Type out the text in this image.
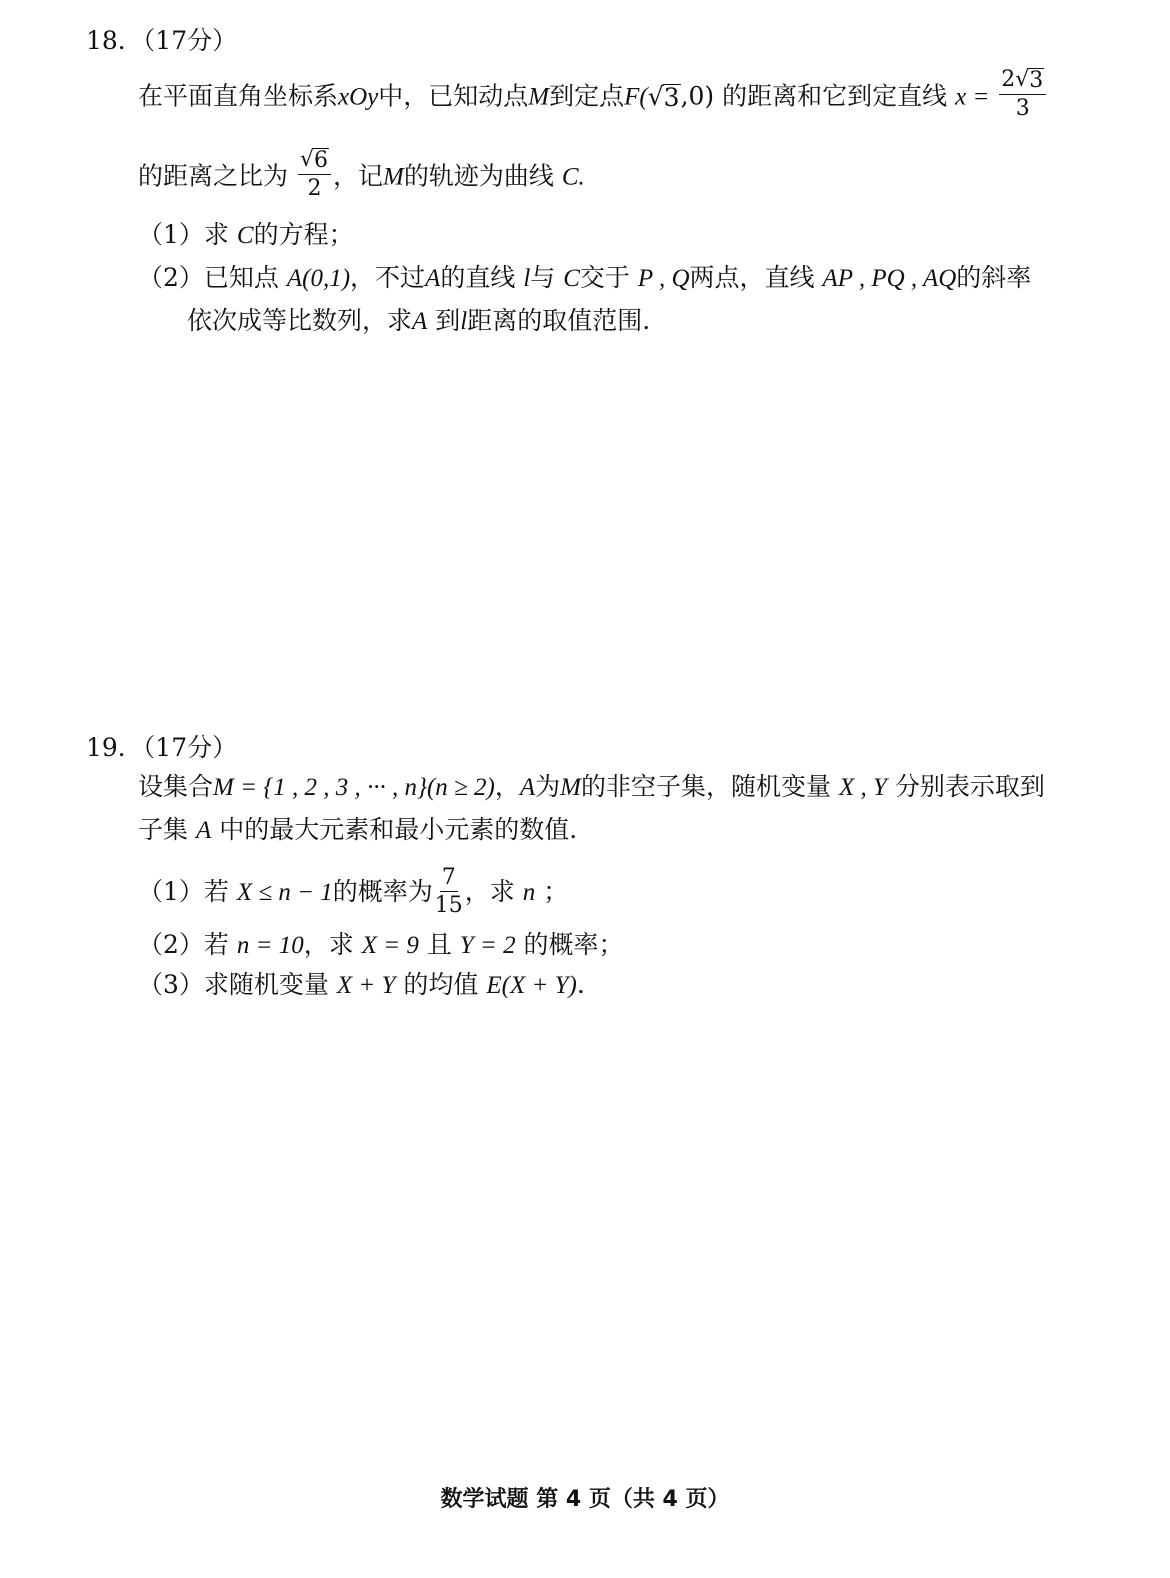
18．（17分）
在平面直角坐标系xOy中，已知动点M到定点F( √ 3 ,0) 的距离和它到定直线 $x = \frac{2 √ 3}{3}$
的距离之比为 $\frac{√ 6}{2}$ ，记M的轨迹为曲线 C.
（1）求 C的方程；
（2）已知点 A(0,1)，不过A的直线 l与 C交于 P , Q两点，直线 AP , PQ , AQ的斜率
依次成等比数列，求A 到l距离的取值范围.
19．（17分）
设集合M = {1 , 2 , 3 , ··· , n}(n ≥ 2)，A为M的非空子集，随机变量 X , Y 分别表示取到
子集 A 中的最大元素和最小元素的数值.
（1）若 X ≤ n − 1的概率为 $\frac{7}{15}$ ，求 n ；
（2）若 n = 10，求 X = 9 且 Y = 2 的概率；
（3）求随机变量 X + Y 的均值 E(X + Y).
数学试题 第 4 页（共 4 页）
